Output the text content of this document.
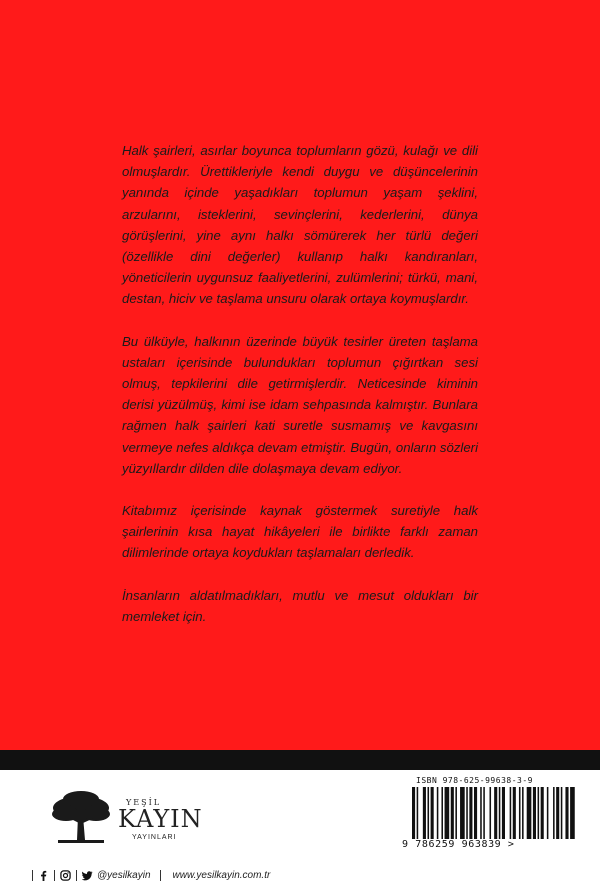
Halk şairleri, asırlar boyunca toplumların gözü, kulağı ve dili olmuşlardır. Ürettikleriyle kendi duygu ve düşüncelerinin yanında içinde yaşadıkları toplumun yaşam şeklini, arzularını, isteklerini, sevinçlerini, kederlerini, dünya görüşlerini, yine aynı halkı sömürerek her türlü değeri (özellikle dini değerler) kullanıp halkı kandıranları, yöneticilerin uygunsuz faaliyetlerini, zulümlerini; türkü, mani, destan, hiciv ve taşlama unsuru olarak ortaya koymuşlardır.

Bu ülküyle, halkının üzerinde büyük tesirler üreten taşlama ustaları içerisinde bulundukları toplumun çığırtkan sesi olmuş, tepkilerini dile getirmişlerdir. Neticesinde kiminin derisi yüzülmüş, kimi ise idam sehpasında kalmıştır. Bunlara rağmen halk şairleri kati suretle susmamış ve kavgasını vermeye nefes aldıkça devam etmiştir. Bugün, onların sözleri yüzyıllardır dilden dile dolaşmaya devam ediyor.

Kitabımız içerisinde kaynak göstermek suretiyle halk şairlerinin kısa hayat hikâyeleri ile birlikte farklı zaman dilimlerinde ortaya koydukları taşlamaları derledik.

İnsanların aldatılmadıkları, mutlu ve mesut oldukları bir memleket için.

YEŞİL
KAYIN
YAYINLARI
ISBN 978-625-99638-3-9
9 786259 963839 >
@yesilkayin www.yesilkayin.com.tr
